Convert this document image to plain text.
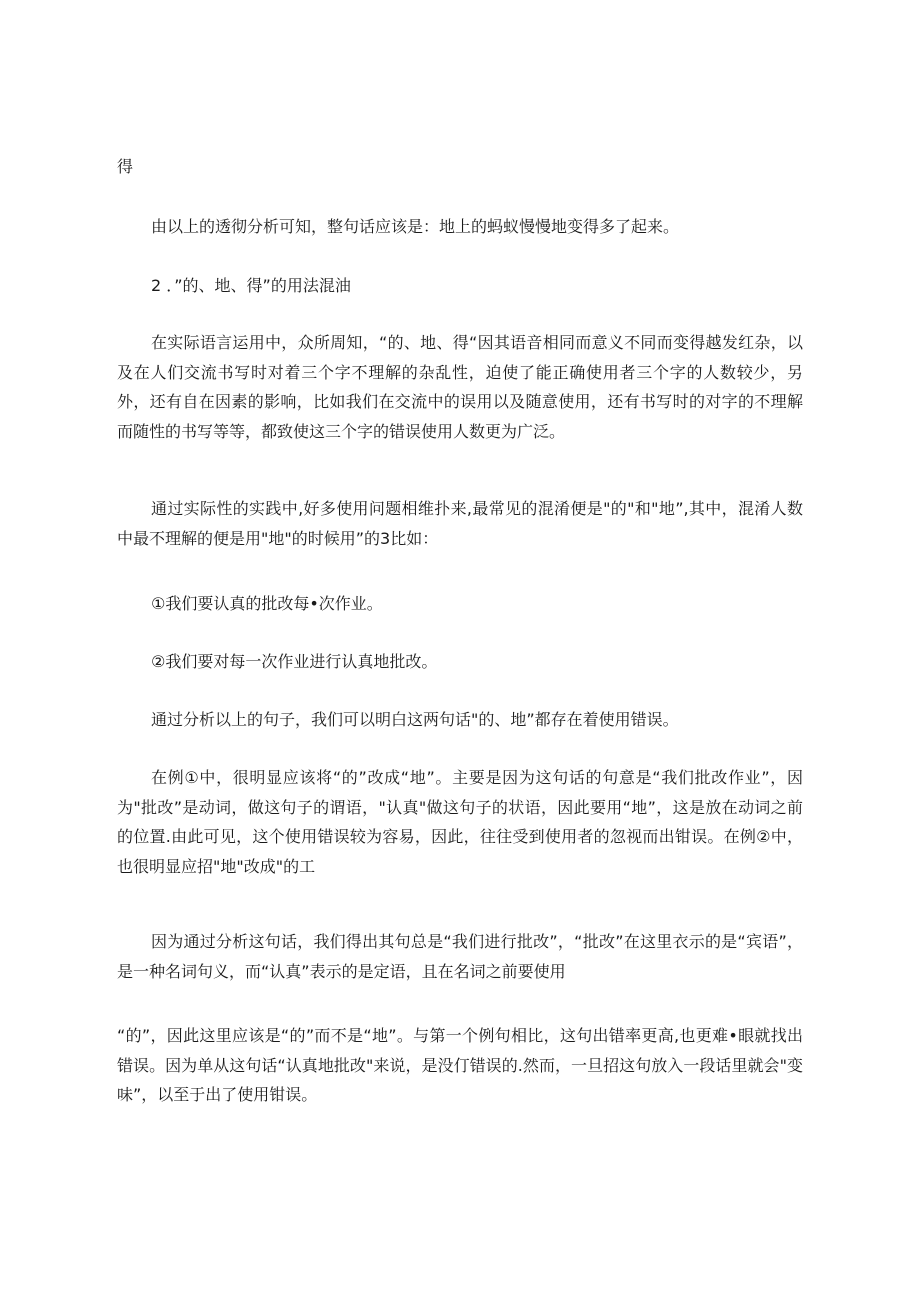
得

由以上的透彻分析可知，整句话应该是：地上的蚂蚁慢慢地变得多了起来。

2 ．”的、地、得”的用法混油

在实际语言运用中，众所周知，“的、地、得“因其语音相同而意义不同而变得越发红杂，以及在人们交流书写时对着三个字不理解的杂乱性，迫使了能正确使用者三个字的人数较少，另外，还有自在因素的影响，比如我们在交流中的误用以及随意使用，还有书写时的对字的不理解而随性的书写等等，都致使这三个字的错误使用人数更为广泛。

通过实际性的实践中,好多使用问题相维扑来,最常见的混淆便是"的"和"地”,其中，混淆人数中最不理解的便是用"地"的时候用”的3比如：

①我们要认真的批改每•次作业。

②我们要对每一次作业进行认真地批改。

通过分析以上的句子，我们可以明白这两句话"的、地”都存在着使用错误。

在例①中，很明显应该将“的”改成“地”。主要是因为这句话的句意是“我们批改作业”，因为"批改”是动词，做这句子的谓语，"认真"做这句子的状语，因此要用“地”，这是放在动词之前的位置.由此可见，这个使用错误较为容易，因此，往往受到使用者的忽视而出钳误。在例②中，也很明显应招"地"改成"的工

因为通过分析这句话，我们得出其句总是“我们进行批改”，“批改”在这里衣示的是“宾语”，是一种名词句义，而“认真”表示的是定语，且在名词之前要使用

“的”，因此这里应该是“的”而不是“地”。与第一个例句相比，这句出错率更高,也更难•眼就找出错误。因为单从这句话“认真地批改"来说，是没仃错误的.然而，一旦招这句放入一段话里就会"变味”，以至于出了使用钳误。
